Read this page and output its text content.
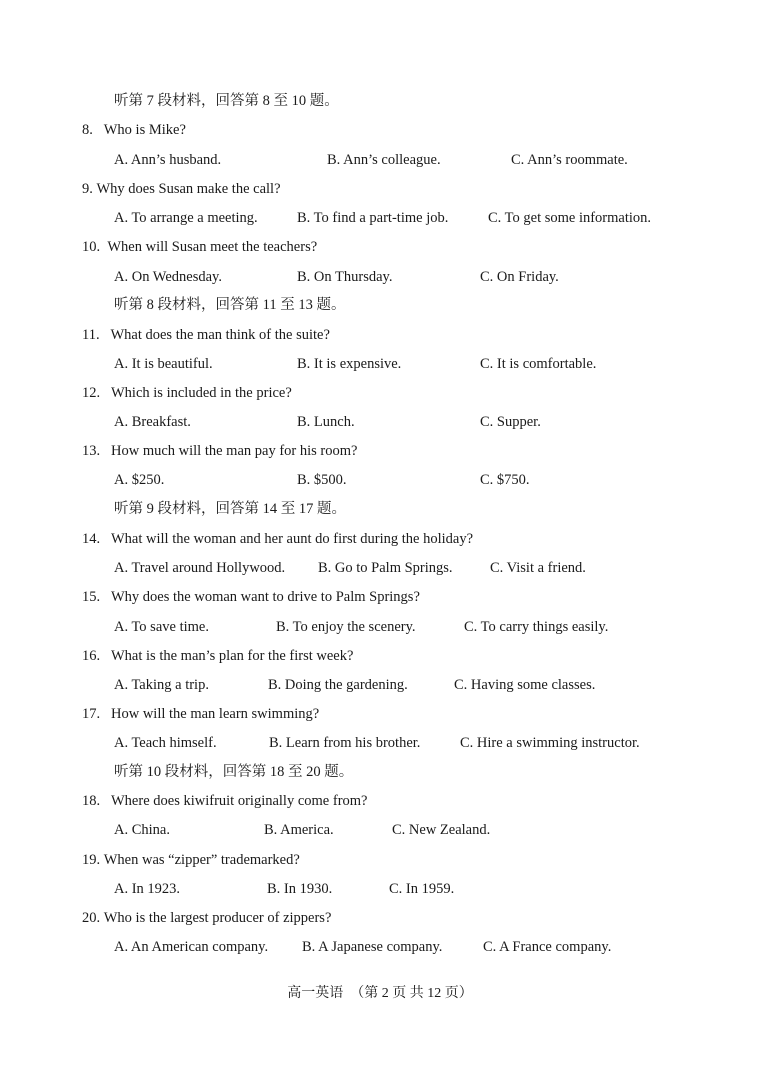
听第 7 段材料，回答第 8 至 10 题。
8. Who is Mike?
A. Ann’s husband.	B. Ann’s colleague.	C. Ann’s roommate.
9. Why does Susan make the call?
A. To arrange a meeting.	B. To find a part-time job.	C. To get some information.
10. When will Susan meet the teachers?
A. On Wednesday.	B. On Thursday.	C. On Friday.
听第 8 段材料，回答第 11 至 13 题。
11. What does the man think of the suite?
A. It is beautiful.	B. It is expensive.	C. It is comfortable.
12. Which is included in the price?
A. Breakfast.	B. Lunch.	C. Supper.
13. How much will the man pay for his room?
A. $250.	B. $500.	C. $750.
听第 9 段材料，回答第 14 至 17 题。
14. What will the woman and her aunt do first during the holiday?
A. Travel around Hollywood. B. Go to Palm Springs.	C. Visit a friend.
15. Why does the woman want to drive to Palm Springs?
A. To save time.	B. To enjoy the scenery.	C. To carry things easily.
16. What is the man’s plan for the first week?
A. Taking a trip.	B. Doing the gardening.	C. Having some classes.
17. How will the man learn swimming?
A. Teach himself.	B. Learn from his brother.	C. Hire a swimming instructor.
听第 10 段材料，回答第 18 至 20 题。
18. Where does kiwifruit originally come from?
A. China.	B. America.	C. New Zealand.
19. When was “zipper” trademarked?
A. In 1923.	B. In 1930.	C. In 1959.
20. Who is the largest producer of zippers?
A. An American company. B. A Japanese company.	C. A France company.
高一英语　（第 2 页 共 12 页）
